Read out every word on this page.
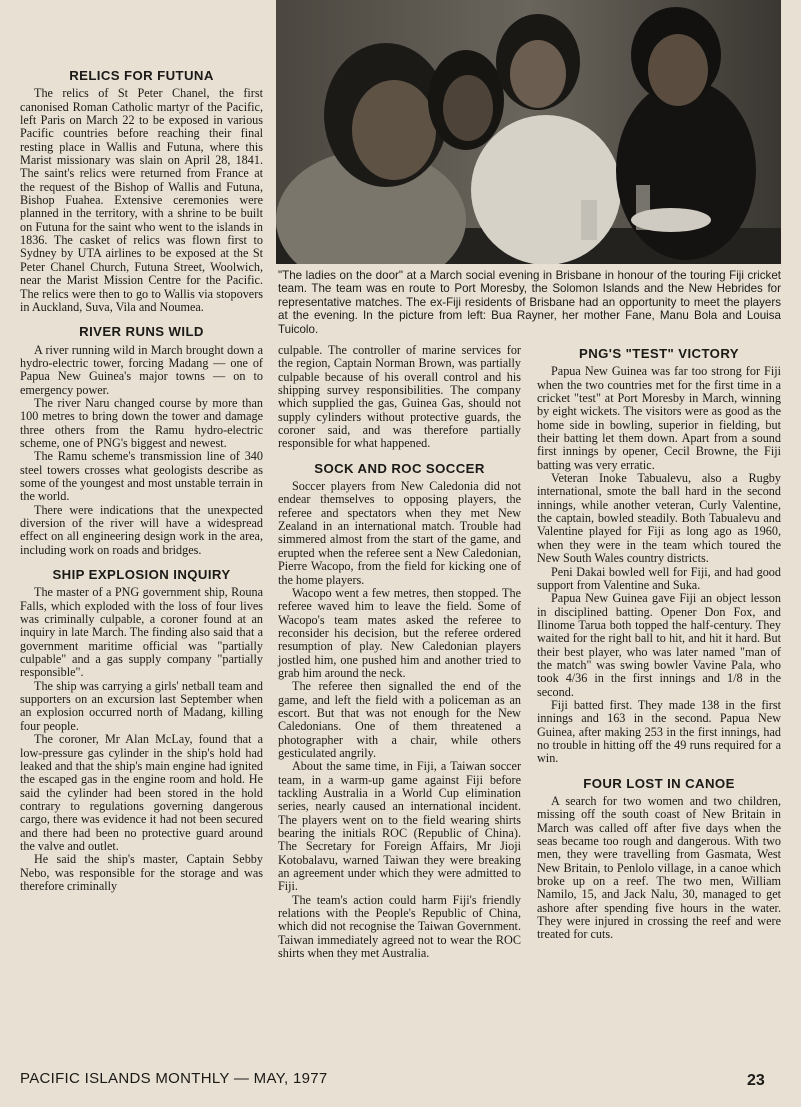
"The ladies on the door" at a March social evening in Brisbane in honour of the touring Fiji cricket team. The team was en route to Port Moresby, the Solomon Islands and the New Hebrides for representative matches. The ex-Fiji residents of Brisbane had an opportunity to meet the players at the evening. In the picture from left: Bua Rayner, her mother Fane, Manu Bola and Louisa Tuicolo.
RELICS FOR FUTUNA

The relics of St Peter Chanel, the first canonised Roman Catholic martyr of the Pacific, left Paris on March 22 to be exposed in various Pacific countries before reaching their final resting place in Wallis and Futuna, where this Marist missionary was slain on April 28, 1841. The saint's relics were returned from France at the request of the Bishop of Wallis and Futuna, Bishop Fuahea. Extensive ceremonies were planned in the territory, with a shrine to be built on Futuna for the saint who went to the islands in 1836. The casket of relics was flown first to Sydney by UTA airlines to be exposed at the St Peter Chanel Church, Futuna Street, Woolwich, near the Marist Mission Centre for the Pacific. The relics were then to go to Wallis via stopovers in Auckland, Suva, Vila and Noumea.

RIVER RUNS WILD

A river running wild in March brought down a hydro-electric tower, forcing Madang — one of Papua New Guinea's major towns — on to emergency power.

The river Naru changed course by more than 100 metres to bring down the tower and damage three others from the Ramu hydro-electric scheme, one of PNG's biggest and newest.

The Ramu scheme's transmission line of 340 steel towers crosses what geologists describe as some of the youngest and most unstable terrain in the world.

There were indications that the unexpected diversion of the river will have a widespread effect on all engineering design work in the area, including work on roads and bridges.

SHIP EXPLOSION INQUIRY

The master of a PNG government ship, Rouna Falls, which exploded with the loss of four lives was criminally culpable, a coroner found at an inquiry in late March. The finding also said that a government maritime official was "partially culpable" and a gas supply company "partially responsible".

The ship was carrying a girls' netball team and supporters on an excursion last September when an explosion occurred north of Madang, killing four people.

The coroner, Mr Alan McLay, found that a low-pressure gas cylinder in the ship's hold had leaked and that the ship's main engine had ignited the escaped gas in the engine room and hold. He said the cylinder had been stored in the hold contrary to regulations governing dangerous cargo, there was evidence it had not been secured and there had been no protective guard around the valve and outlet.

He said the ship's master, Captain Sebby Nebo, was responsible for the storage and was therefore criminally

culpable. The controller of marine services for the region, Captain Norman Brown, was partially culpable because of his overall control and his shipping survey responsibilities. The company which supplied the gas, Guinea Gas, should not supply cylinders without protective guards, the coroner said, and was therefore partially responsible for what happened.

SOCK AND ROC SOCCER

Soccer players from New Caledonia did not endear themselves to opposing players, the referee and spectators when they met New Zealand in an international match. Trouble had simmered almost from the start of the game, and erupted when the referee sent a New Caledonian, Pierre Wacopo, from the field for kicking one of the home players.

Wacopo went a few metres, then stopped. The referee waved him to leave the field. Some of Wacopo's team mates asked the referee to reconsider his decision, but the referee ordered resumption of play. New Caledonian players jostled him, one pushed him and another tried to grab him around the neck.

The referee then signalled the end of the game, and left the field with a policeman as an escort. But that was not enough for the New Caledonians. One of them threatened a photographer with a chair, while others gesticulated angrily.

About the same time, in Fiji, a Taiwan soccer team, in a warm-up game against Fiji before tackling Australia in a World Cup elimination series, nearly caused an international incident. The players went on to the field wearing shirts bearing the initials ROC (Republic of China). The Secretary for Foreign Affairs, Mr Jioji Kotobalavu, warned Taiwan they were breaking an agreement under which they were admitted to Fiji.

The team's action could harm Fiji's friendly relations with the People's Republic of China, which did not recognise the Taiwan Government. Taiwan immediately agreed not to wear the ROC shirts when they met Australia.

PNG'S "TEST" VICTORY

Papua New Guinea was far too strong for Fiji when the two countries met for the first time in a cricket "test" at Port Moresby in March, winning by eight wickets. The visitors were as good as the home side in bowling, superior in fielding, but their batting let them down. Apart from a sound first innings by opener, Cecil Browne, the Fiji batting was very erratic.

Veteran Inoke Tabualevu, also a Rugby international, smote the ball hard in the second innings, while another veteran, Curly Valentine, the captain, bowled steadily. Both Tabualevu and Valentine played for Fiji as long ago as 1960, when they were in the team which toured the New South Wales country districts.

Peni Dakai bowled well for Fiji, and had good support from Valentine and Suka.

Papua New Guinea gave Fiji an object lesson in disciplined batting. Opener Don Fox, and Ilinome Tarua both topped the half-century. They waited for the right ball to hit, and hit it hard. But their best player, who was later named "man of the match" was swing bowler Vavine Pala, who took 4/36 in the first innings and 1/8 in the second.

Fiji batted first. They made 138 in the first innings and 163 in the second. Papua New Guinea, after making 253 in the first innings, had no trouble in hitting off the 49 runs required for a win.

FOUR LOST IN CANOE

A search for two women and two children, missing off the south coast of New Britain in March was called off after five days when the seas became too rough and dangerous. With two men, they were travelling from Gasmata, West New Britain, to Penlolo village, in a canoe which broke up on a reef. The two men, William Namilo, 15, and Jack Nalu, 30, managed to get ashore after spending five hours in the water. They were injured in crossing the reef and were treated for cuts.

PACIFIC ISLANDS MONTHLY — MAY, 1977	23
